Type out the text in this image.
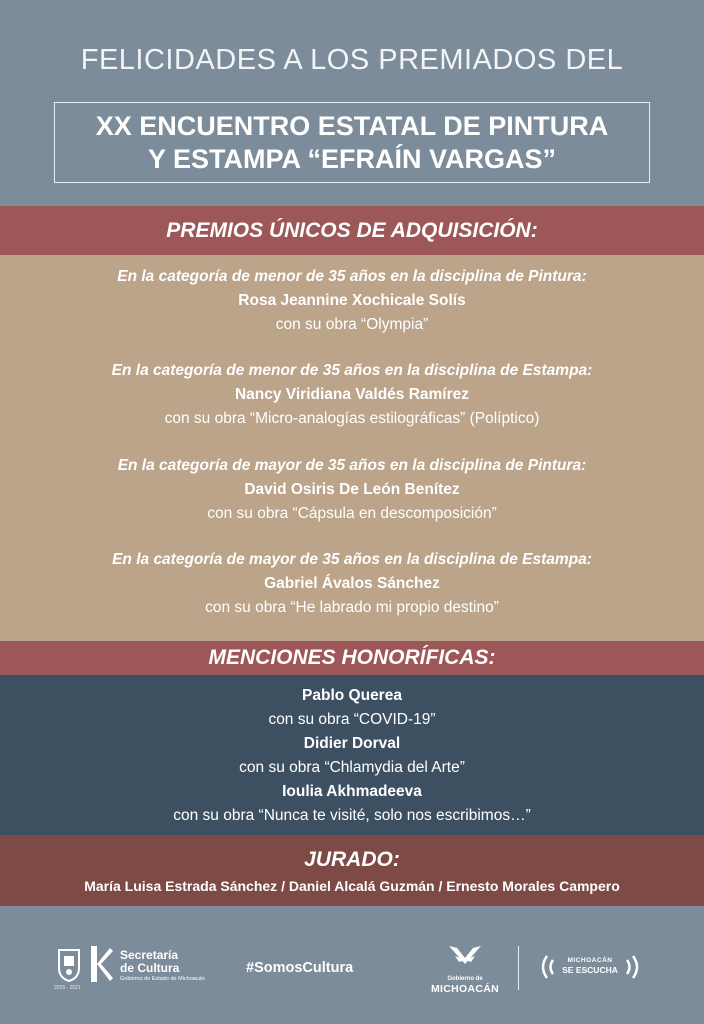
FELICIDADES A LOS PREMIADOS DEL
XX ENCUENTRO ESTATAL DE PINTURA
Y ESTAMPA “EFRAÍN VARGAS”
PREMIOS ÚNICOS DE ADQUISICIÓN:
En la categoría de menor de 35 años en la disciplina de Pintura:
Rosa Jeannine Xochicale Solís
con su obra “Olympia”
En la categoría de menor de 35 años en la disciplina de Estampa:
Nancy Viridiana Valdés Ramírez
con su obra “Micro-analogías estilográficas” (Políptico)
En la categoría de mayor de 35 años en la disciplina de Pintura:
David Osiris De León Benítez
con su obra “Cápsula en descomposición”
En la categoría de mayor de 35 años en la disciplina de Estampa:
Gabriel Ávalos Sánchez
con su obra “He labrado mi propio destino”
MENCIONES HONORÍFICAS:
Pablo Querea
con su obra “COVID-19”
Didier Dorval
con su obra “Chlamydia del Arte”
Ioulia Akhmadeeva
con su obra “Nunca te visité, solo nos escribimos…”
JURADO:
María Luisa Estrada Sánchez / Daniel Alcalá Guzmán / Ernesto Morales Campero
2015 - 2021
Secretaría
de Cultura
Gobierno de Estado de Michoacán
#SomosCultura
Gobierno de
MICHOACÁN
MICHOACÁN
SE ESCUCHA
